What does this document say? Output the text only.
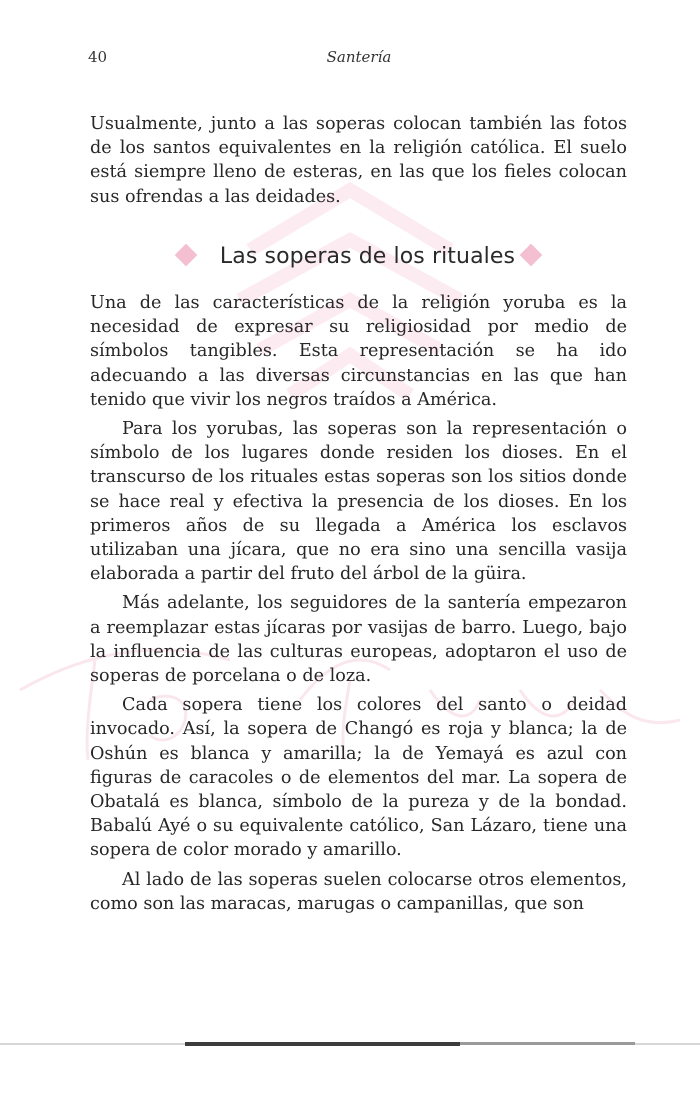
40	Santería

Usualmente, junto a las soperas colocan también las fotos de los santos equivalentes en la religión católica. El suelo está siempre lleno de esteras, en las que los fieles colocan sus ofrendas a las deidades.

Las soperas de los rituales

Una de las características de la religión yoruba es la necesidad de expresar su religiosidad por medio de símbolos tangibles. Esta representación se ha ido adecuando a las diversas circunstancias en las que han tenido que vivir los negros traídos a América.

Para los yorubas, las soperas son la representación o símbolo de los lugares donde residen los dioses. En el transcurso de los rituales estas soperas son los sitios donde se hace real y efectiva la presencia de los dioses. En los primeros años de su llegada a América los esclavos utilizaban una jícara, que no era sino una sencilla vasija elaborada a partir del fruto del árbol de la güira.

Más adelante, los seguidores de la santería empezaron a reemplazar estas jícaras por vasijas de barro. Luego, bajo la influencia de las culturas europeas, adoptaron el uso de soperas de porcelana o de loza.

Cada sopera tiene los colores del santo o deidad invocado. Así, la sopera de Changó es roja y blanca; la de Oshún es blanca y amarilla; la de Yemayá es azul con figuras de caracoles o de elementos del mar. La sopera de Obatalá es blanca, símbolo de la pureza y de la bondad. Babalú Ayé o su equivalente católico, San Lázaro, tiene una sopera de color morado y amarillo.

Al lado de las soperas suelen colocarse otros elementos, como son las maracas, marugas o campanillas, que son
